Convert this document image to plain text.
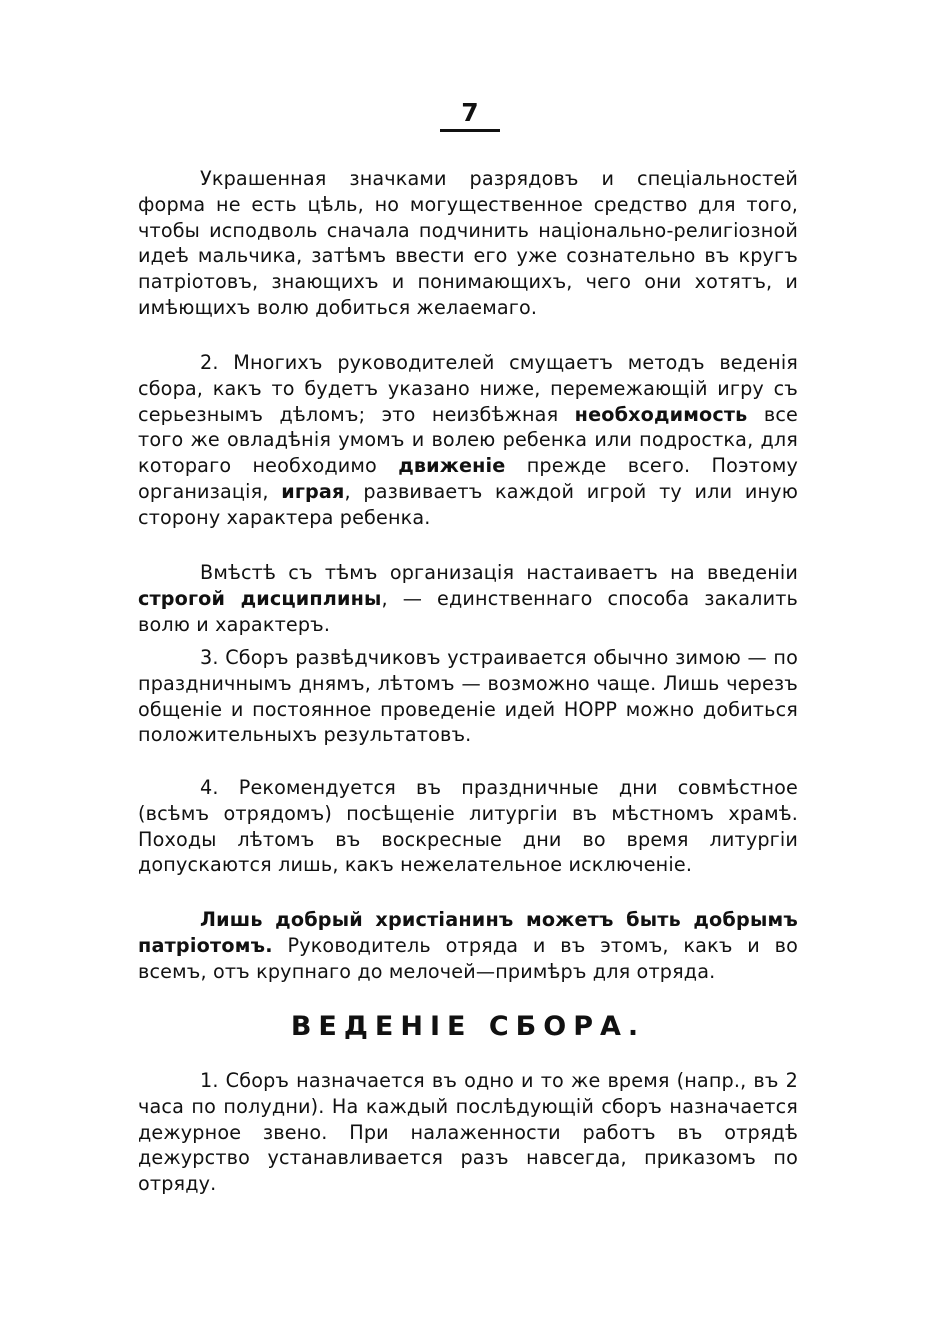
7

Украшенная значками разрядовъ и спеціальностей форма не есть цѣль, но могущественное средство для того, чтобы исподволь сначала подчинить національно-религіозной идеѣ мальчика, затѣмъ ввести его уже сознательно въ кругъ патріотовъ, знающихъ и понимающихъ, чего они хотятъ, и имѣющихъ волю добиться желаемаго.

2. Многихъ руководителей смущаетъ методъ веденія сбора, какъ то будетъ указано ниже, перемежающій игру съ серьезнымъ дѣломъ; это неизбѣжная необходимость все того же овладѣнія умомъ и волею ребенка или подростка, для котораго необходимо движеніе прежде всего. Поэтому организація, играя, развиваетъ каждой игрой ту или иную сторону характера ребенка.

Вмѣстѣ съ тѣмъ организація настаиваетъ на введеніи строгой дисциплины, — единственнаго способа закалить волю и характеръ.

3. Сборъ развѣдчиковъ устраивается обычно зимою — по праздничнымъ днямъ, лѣтомъ — возможно чаще. Лишь черезъ общеніе и постоянное проведеніе идей НОРР можно добиться положительныхъ результатовъ.

4. Рекомендуется въ праздничные дни совмѣстное (всѣмъ отрядомъ) посѣщеніе литургіи въ мѣстномъ храмѣ. Походы лѣтомъ въ воскресные дни во время литургіи допускаются лишь, какъ нежелательное исключеніе.

Лишь добрый христіанинъ можетъ быть добрымъ патріотомъ. Руководитель отряда и въ этомъ, какъ и во всемъ, отъ крупнаго до мелочей—примѣръ для отряда.

ВЕДЕНІЕ СБОРА.

1. Сборъ назначается въ одно и то же время (напр., въ 2 часа по полудни). На каждый послѣдующій сборъ назначается дежурное звено. При налаженности работъ въ отрядѣ дежурство устанавливается разъ навсегда, приказомъ по отряду.
